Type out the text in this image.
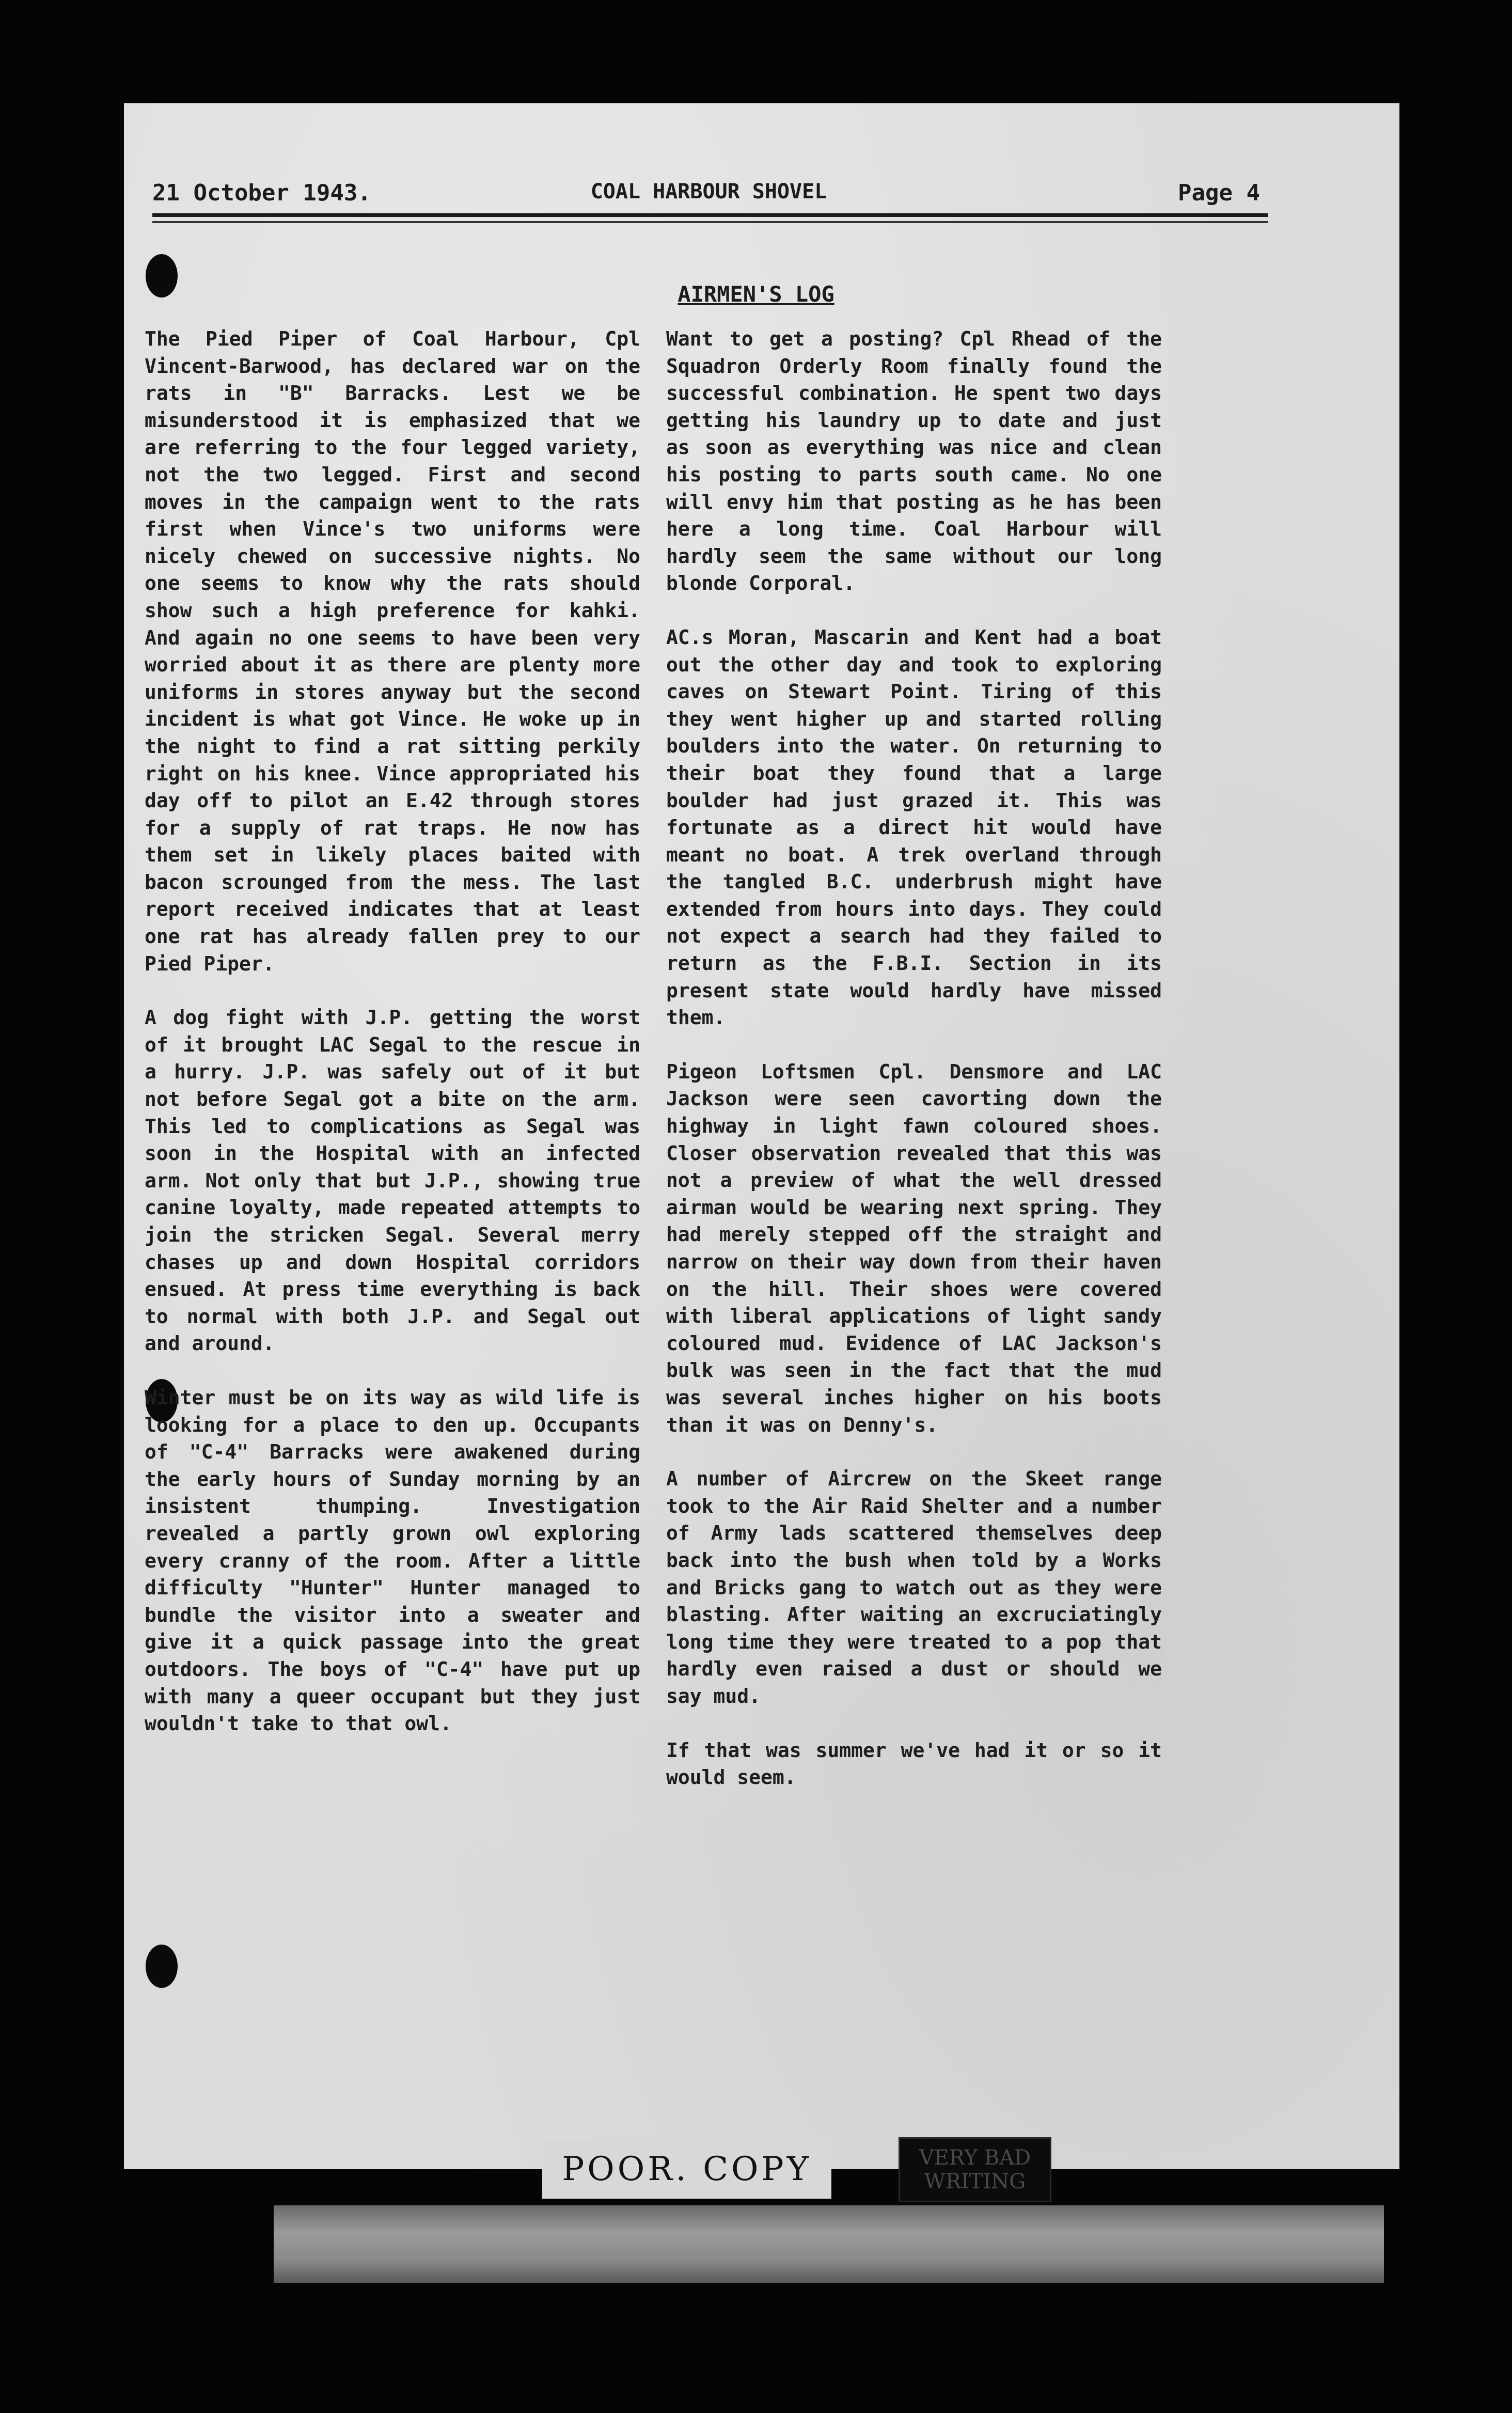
21 October 1943.	COAL HARBOUR SHOVEL	Page 4
AIRMEN'S LOG

The Pied Piper of Coal Harbour, Cpl Vincent-Barwood, has declared war on the rats in "B" Barracks. Lest we be misunderstood it is emphasized that we are referring to the four legged variety, not the two legged. First and second moves in the campaign went to the rats first when Vince's two uniforms were nicely chewed on successive nights. No one seems to know why the rats should show such a high preference for kahki. And again no one seems to have been very worried about it as there are plenty more uniforms in stores anyway but the second incident is what got Vince. He woke up in the night to find a rat sitting perkily right on his knee. Vince appropriated his day off to pilot an E.42 through stores for a supply of rat traps. He now has them set in likely places baited with bacon scrounged from the mess. The last report received indicates that at least one rat has already fallen prey to our Pied Piper.

A dog fight with J.P. getting the worst of it brought LAC Segal to the rescue in a hurry. J.P. was safely out of it but not before Segal got a bite on the arm. This led to complications as Segal was soon in the Hospital with an infected arm. Not only that but J.P., showing true canine loyalty, made repeated attempts to join the stricken Segal. Several merry chases up and down Hospital corridors ensued. At press time everything is back to normal with both J.P. and Segal out and around.

Winter must be on its way as wild life is looking for a place to den up. Occupants of "C-4" Barracks were awakened during the early hours of Sunday morning by an insistent thumping. Investigation revealed a partly grown owl exploring every cranny of the room. After a little difficulty "Hunter" Hunter managed to bundle the visitor into a sweater and give it a quick passage into the great outdoors. The boys of "C-4" have put up with many a queer occupant but they just wouldn't take to that owl.

Want to get a posting? Cpl Rhead of the Squadron Orderly Room finally found the successful combination. He spent two days getting his laundry up to date and just as soon as everything was nice and clean his posting to parts south came. No one will envy him that posting as he has been here a long time. Coal Harbour will hardly seem the same without our long blonde Corporal.

AC.s Moran, Mascarin and Kent had a boat out the other day and took to exploring caves on Stewart Point. Tiring of this they went higher up and started rolling boulders into the water. On returning to their boat they found that a large boulder had just grazed it. This was fortunate as a direct hit would have meant no boat. A trek overland through the tangled B.C. underbrush might have extended from hours into days. They could not expect a search had they failed to return as the F.B.I. Section in its present state would hardly have missed them.

Pigeon Loftsmen Cpl. Densmore and LAC Jackson were seen cavorting down the highway in light fawn coloured shoes. Closer observation revealed that this was not a preview of what the well dressed airman would be wearing next spring. They had merely stepped off the straight and narrow on their way down from their haven on the hill. Their shoes were covered with liberal applications of light sandy coloured mud. Evidence of LAC Jackson's bulk was seen in the fact that the mud was several inches higher on his boots than it was on Denny's.

A number of Aircrew on the Skeet range took to the Air Raid Shelter and a number of Army lads scattered themselves deep back into the bush when told by a Works and Bricks gang to watch out as they were blasting. After waiting an excruciatingly long time they were treated to a pop that hardly even raised a dust or should we say mud.

If that was summer we've had it or so it would seem.

POOR. COPY	VERY BAD WRITING
